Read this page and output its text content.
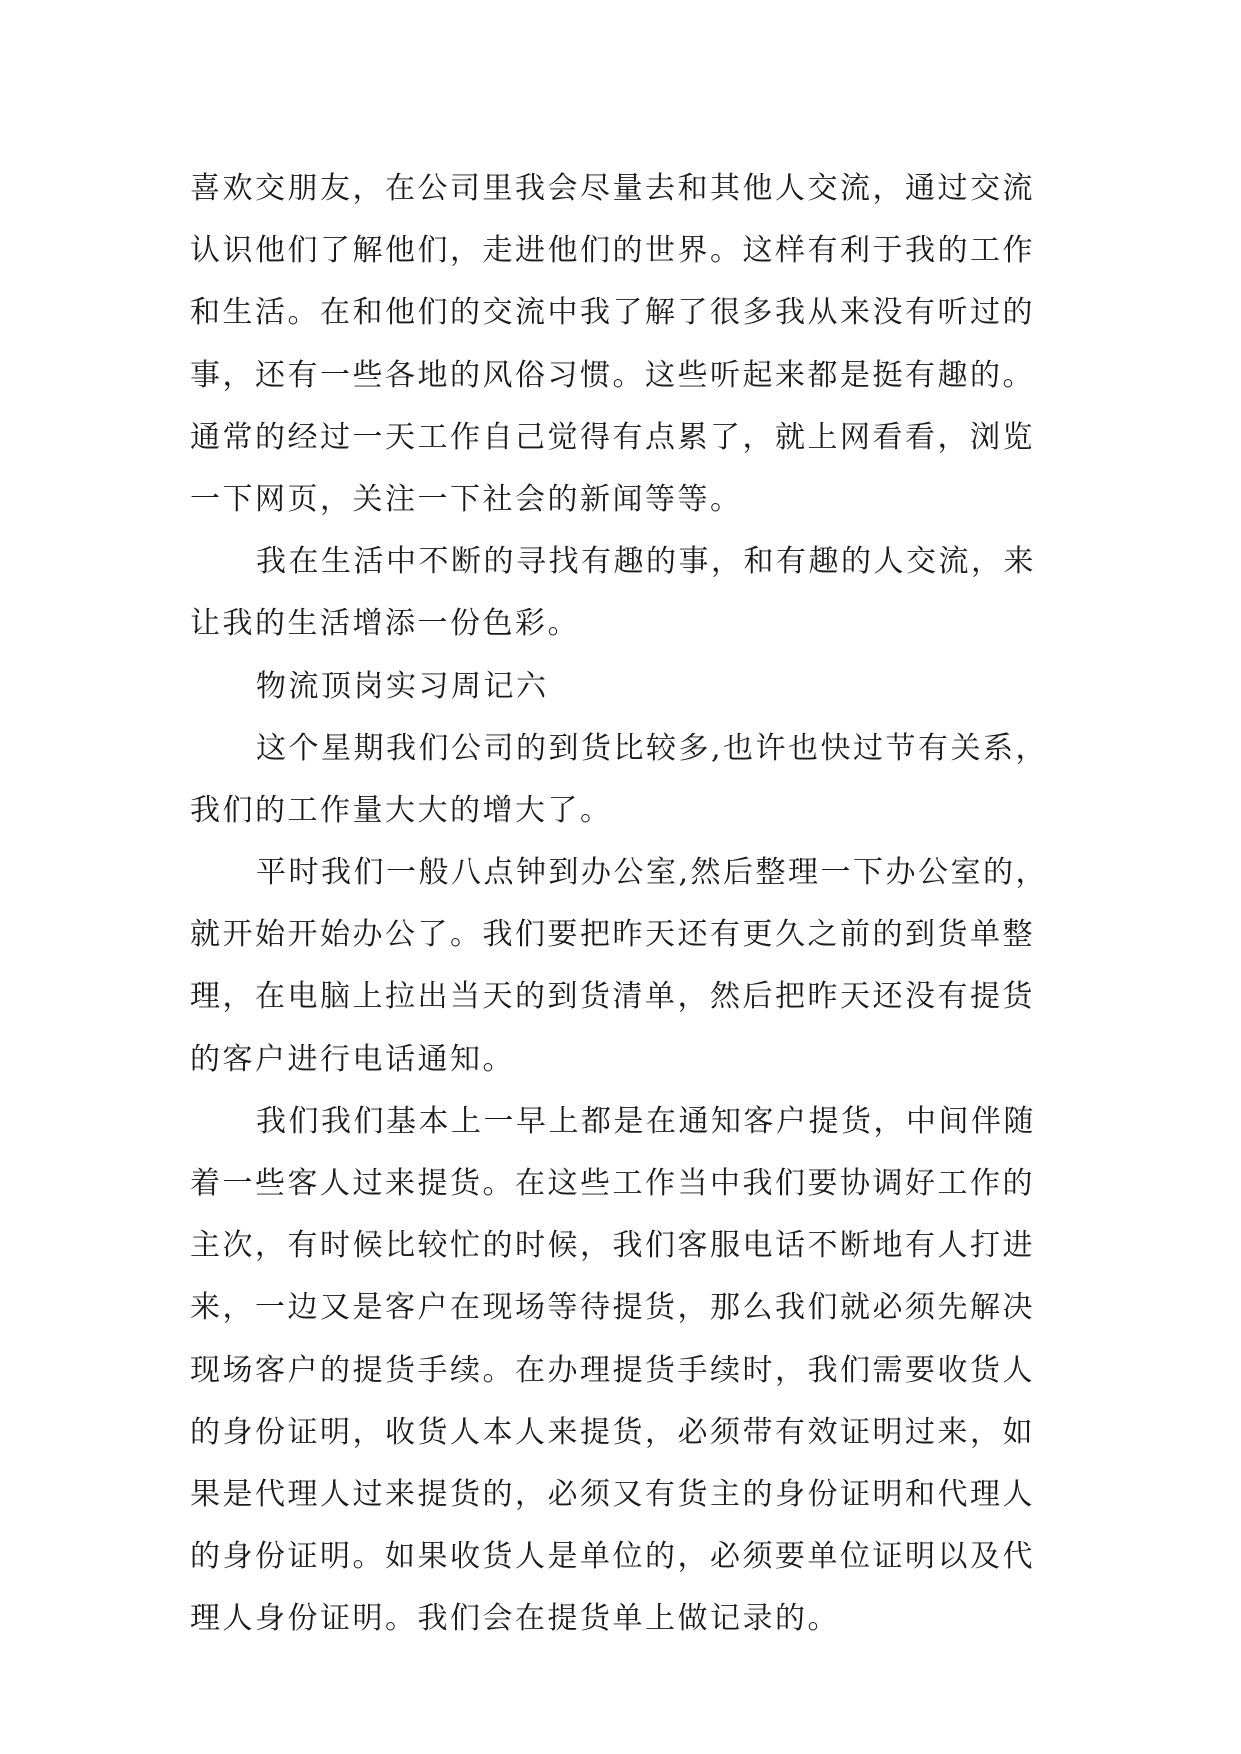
喜欢交朋友，在公司里我会尽量去和其他人交流，通过交流
认识他们了解他们，走进他们的世界。这样有利于我的工作
和生活。在和他们的交流中我了解了很多我从来没有听过的
事，还有一些各地的风俗习惯。这些听起来都是挺有趣的。
通常的经过一天工作自己觉得有点累了，就上网看看，浏览
一下网页，关注一下社会的新闻等等。
我在生活中不断的寻找有趣的事，和有趣的人交流，来
让我的生活增添一份色彩。
物流顶岗实习周记六
这个星期我们公司的到货比较多,也许也快过节有关系，
我们的工作量大大的增大了。
平时我们一般八点钟到办公室,然后整理一下办公室的，
就开始开始办公了。我们要把昨天还有更久之前的到货单整
理，在电脑上拉出当天的到货清单，然后把昨天还没有提货
的客户进行电话通知。
我们我们基本上一早上都是在通知客户提货，中间伴随
着一些客人过来提货。在这些工作当中我们要协调好工作的
主次，有时候比较忙的时候，我们客服电话不断地有人打进
来，一边又是客户在现场等待提货，那么我们就必须先解决
现场客户的提货手续。在办理提货手续时，我们需要收货人
的身份证明，收货人本人来提货，必须带有效证明过来，如
果是代理人过来提货的，必须又有货主的身份证明和代理人
的身份证明。如果收货人是单位的，必须要单位证明以及代
理人身份证明。我们会在提货单上做记录的。
